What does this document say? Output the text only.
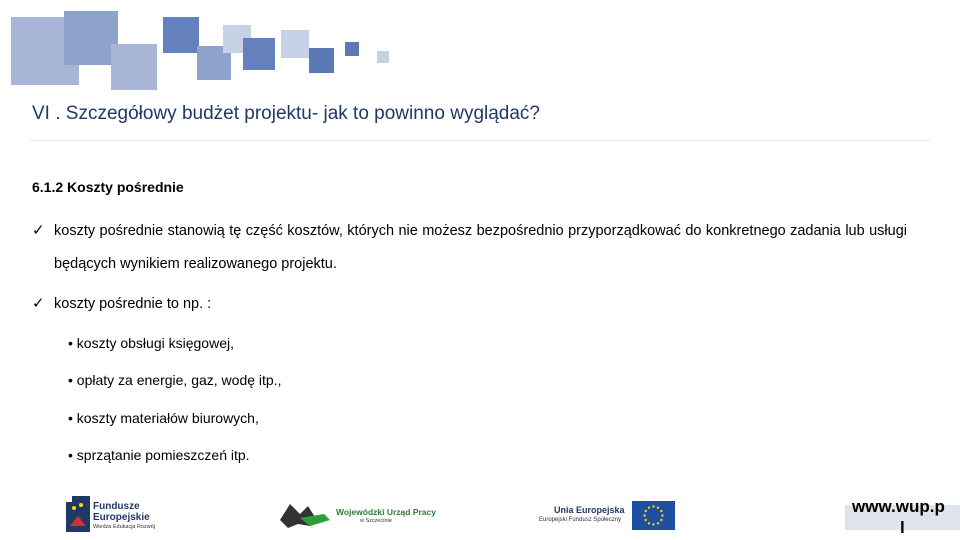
VI . Szczegółowy budżet projektu- jak to powinno wyglądać?
6.1.2 Koszty pośrednie
✓ koszty pośrednie stanowią tę część kosztów, których nie możesz bezpośrednio przyporządkować do konkretnego zadania lub usługi będących wynikiem realizowanego projektu.
✓ koszty pośrednie to np. :
• koszty obsługi księgowej,
• opłaty za energie, gaz, wodę itp.,
• koszty materiałów biurowych,
• sprzątanie pomieszczeń itp.
Fundusze
Europejskie
Wiedza Edukacja Rozwój
Wojewódzki Urząd Pracy
w Szczecinie
Unia Europejska
Europejski Fundusz Społeczny
www.wup.p
l
